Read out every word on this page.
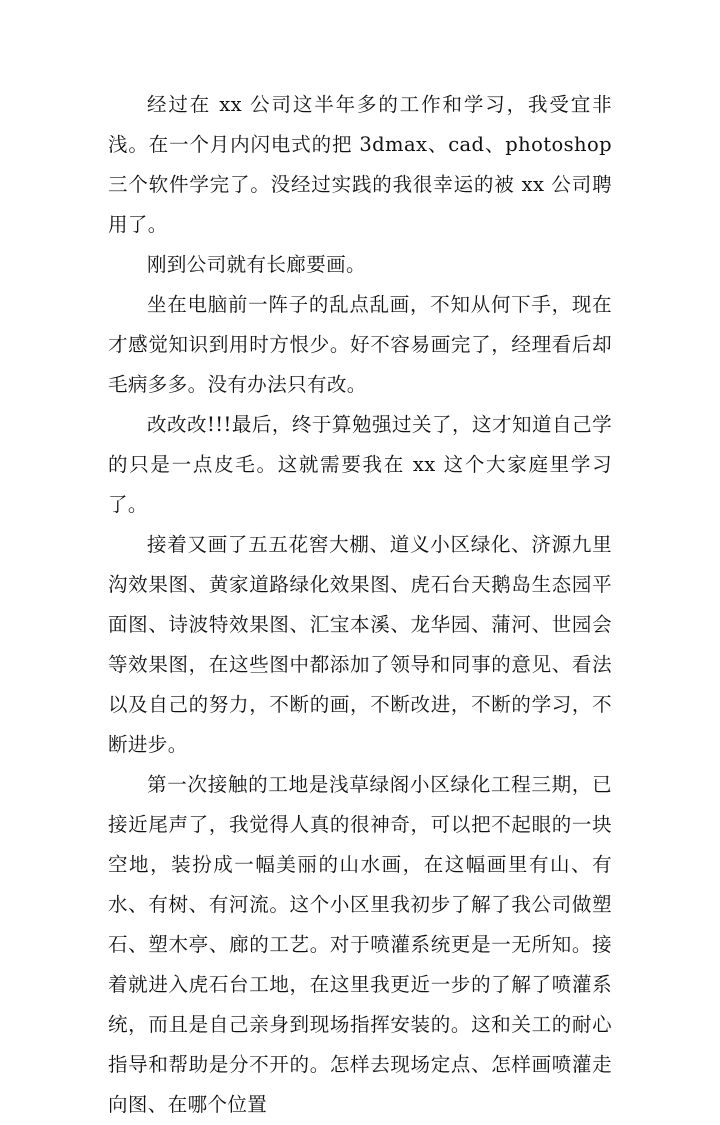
经过在 xx 公司这半年多的工作和学习，我受宜非浅。在一个月内闪电式的把 3dmax、cad、photoshop 三个软件学完了。没经过实践的我很幸运的被 xx 公司聘用了。

刚到公司就有长廊要画。

坐在电脑前一阵子的乱点乱画，不知从何下手，现在才感觉知识到用时方恨少。好不容易画完了，经理看后却毛病多多。没有办法只有改。

改改改!!!最后，终于算勉强过关了，这才知道自己学的只是一点皮毛。这就需要我在 xx 这个大家庭里学习了。

接着又画了五五花窖大棚、道义小区绿化、济源九里沟效果图、黄家道路绿化效果图、虎石台天鹅岛生态园平面图、诗波特效果图、汇宝本溪、龙华园、蒲河、世园会等效果图，在这些图中都添加了领导和同事的意见、看法以及自己的努力，不断的画，不断改进，不断的学习，不断进步。

第一次接触的工地是浅草绿阁小区绿化工程三期，已接近尾声了，我觉得人真的很神奇，可以把不起眼的一块空地，装扮成一幅美丽的山水画，在这幅画里有山、有水、有树、有河流。这个小区里我初步了解了我公司做塑石、塑木亭、廊的工艺。对于喷灌系统更是一无所知。接着就进入虎石台工地，在这里我更近一步的了解了喷灌系统，而且是自己亲身到现场指挥安装的。这和关工的耐心指导和帮助是分不开的。怎样去现场定点、怎样画喷灌走向图、在哪个位置
